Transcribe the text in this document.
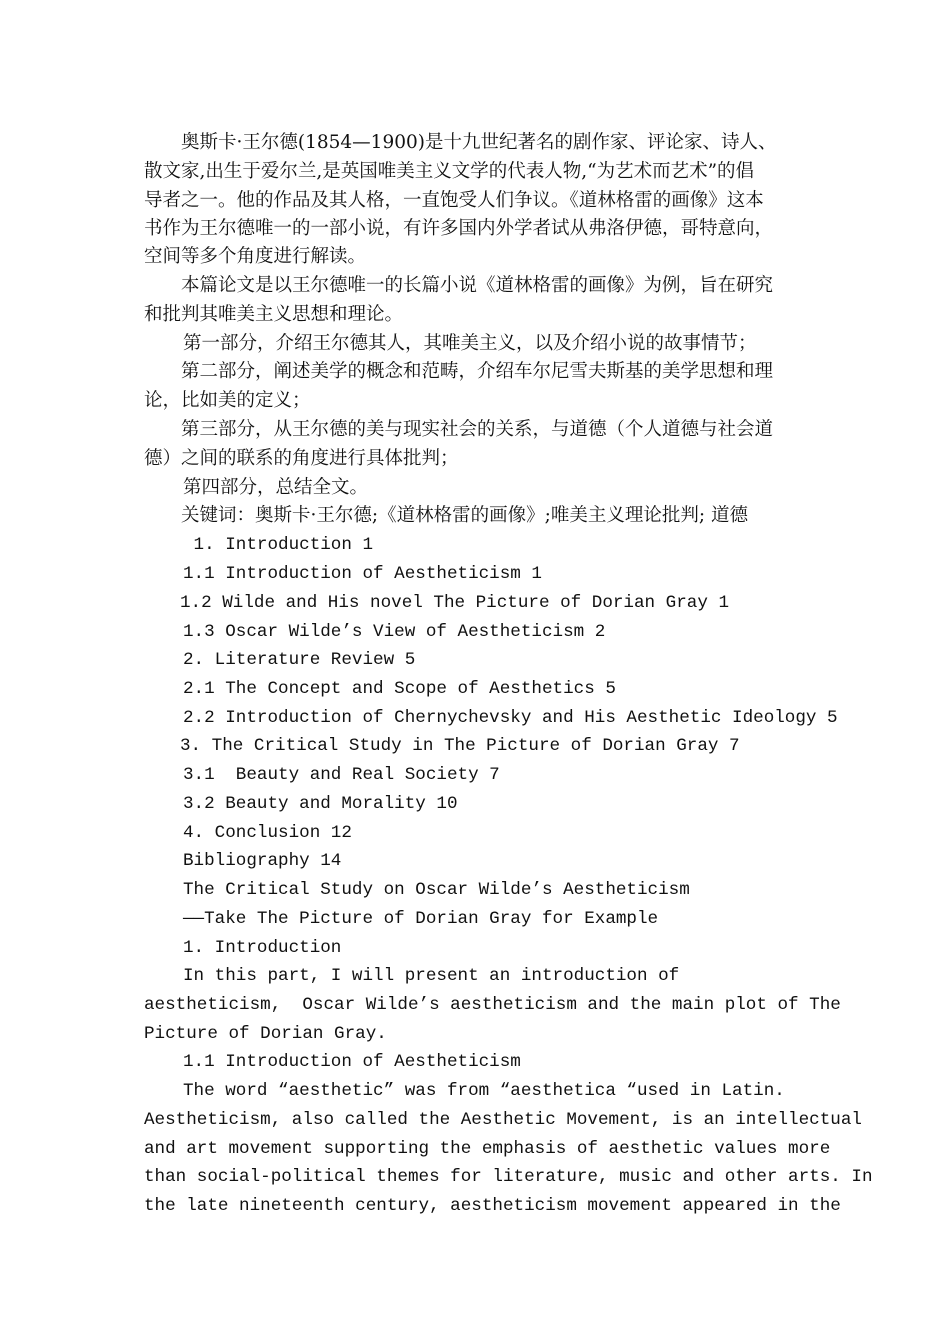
奥斯卡·王尔德(1854—1900)是十九世纪著名的剧作家、评论家、诗人、
散文家,出生于爱尔兰,是英国唯美主义文学的代表人物,“为艺术而艺术”的倡
导者之一。他的作品及其人格，一直饱受人们争议。《道林格雷的画像》这本
书作为王尔德唯一的一部小说，有许多国内外学者试从弗洛伊德，哥特意向，
空间等多个角度进行解读。
本篇论文是以王尔德唯一的长篇小说《道林格雷的画像》为例，旨在研究
和批判其唯美主义思想和理论。
第一部分，介绍王尔德其人，其唯美主义，以及介绍小说的故事情节；
第二部分，阐述美学的概念和范畴，介绍车尔尼雪夫斯基的美学思想和理
论，比如美的定义；
第三部分，从王尔德的美与现实社会的关系，与道德（个人道德与社会道
德）之间的联系的角度进行具体批判；
第四部分，总结全文。
关键词：奥斯卡·王尔德;《道林格雷的画像》;唯美主义理论批判; 道德
1. Introduction 1
1.1 Introduction of Aestheticism 1
1.2 Wilde and His novel The Picture of Dorian Gray 1
1.3 Oscar Wilde’s View of Aestheticism 2
2. Literature Review 5
2.1 The Concept and Scope of Aesthetics 5
2.2 Introduction of Chernychevsky and His Aesthetic Ideology 5
3. The Critical Study in The Picture of Dorian Gray 7
3.1  Beauty and Real Society 7
3.2 Beauty and Morality 10
4. Conclusion 12
Bibliography 14
The Critical Study on Oscar Wilde’s Aestheticism
——Take The Picture of Dorian Gray for Example
1. Introduction
In this part, I will present an introduction of
aestheticism,  Oscar Wilde’s aestheticism and the main plot of The
Picture of Dorian Gray.
1.1 Introduction of Aestheticism
The word “aesthetic” was from “aesthetica “used in Latin.
Aestheticism, also called the Aesthetic Movement, is an intellectual
and art movement supporting the emphasis of aesthetic values more
than social-political themes for literature, music and other arts. In
the late nineteenth century, aestheticism movement appeared in the
